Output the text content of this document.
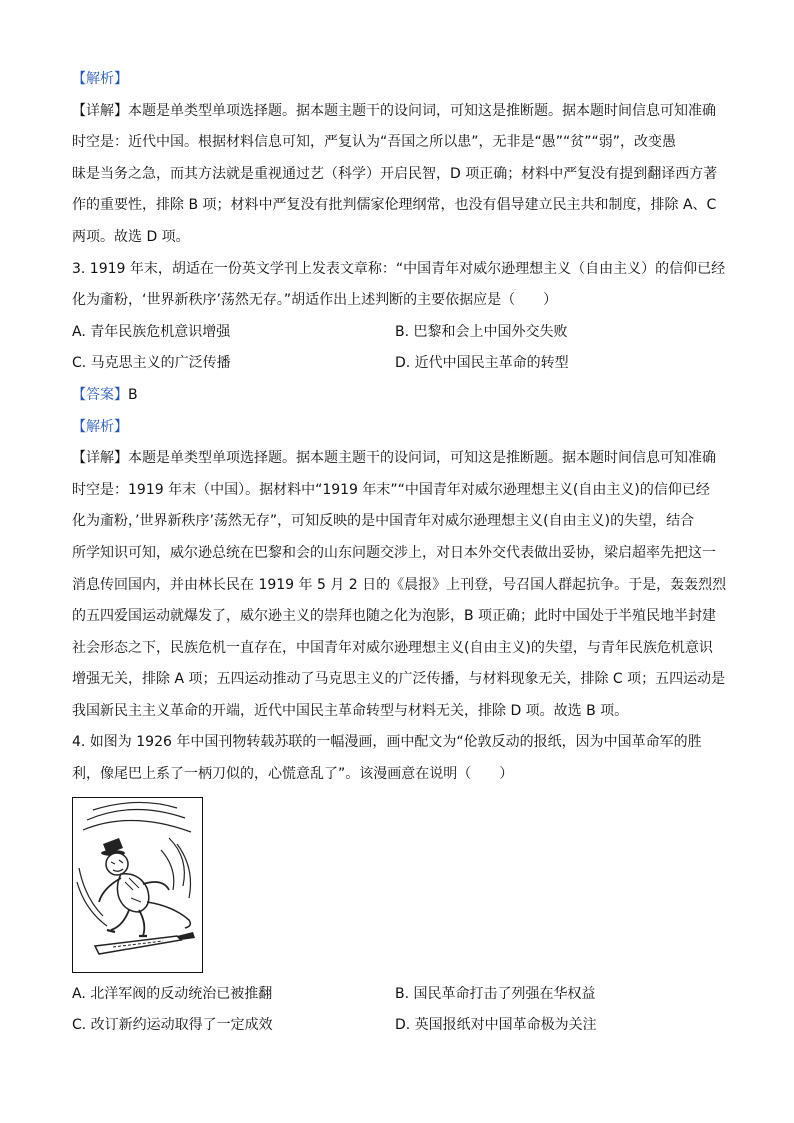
【解析】
【详解】本题是单类型单项选择题。据本题主题干的设问词，可知这是推断题。据本题时间信息可知准确
时空是：近代中国。根据材料信息可知，严复认为“吾国之所以患”，无非是“愚”“贫”“弱”，改变愚
昧是当务之急，而其方法就是重视通过艺（科学）开启民智，D 项正确；材料中严复没有提到翻译西方著
作的重要性，排除 B 项；材料中严复没有批判儒家伦理纲常，也没有倡导建立民主共和制度，排除 A、C
两项。故选 D 项。
3. 1919 年末，胡适在一份英文学刊上发表文章称：“中国青年对威尔逊理想主义（自由主义）的信仰已经
化为齑粉，‘世界新秩序’荡然无存。”胡适作出上述判断的主要依据应是（　　）
A. 青年民族危机意识增强	B. 巴黎和会上中国外交失败
C. 马克思主义的广泛传播	D. 近代中国民主革命的转型
【答案】B
【解析】
【详解】本题是单类型单项选择题。据本题主题干的设问词，可知这是推断题。据本题时间信息可知准确
时空是：1919 年末（中国）。据材料中“1919 年末”“中国青年对威尔逊理想主义(自由主义)的信仰已经
化为齑粉，’世界新秩序’荡然无存”，可知反映的是中国青年对威尔逊理想主义(自由主义)的失望，结合
所学知识可知，威尔逊总统在巴黎和会的山东问题交涉上，对日本外交代表做出妥协，梁启超率先把这一
消息传回国内，并由林长民在 1919 年 5 月 2 日的《晨报》上刊登，号召国人群起抗争。于是，轰轰烈烈
的五四爱国运动就爆发了，威尔逊主义的崇拜也随之化为泡影，B 项正确；此时中国处于半殖民地半封建
社会形态之下，民族危机一直存在，中国青年对威尔逊理想主义(自由主义)的失望，与青年民族危机意识
增强无关，排除 A 项；五四运动推动了马克思主义的广泛传播，与材料现象无关，排除 C 项；五四运动是
我国新民主主义革命的开端，近代中国民主革命转型与材料无关，排除 D 项。故选 B 项。
4. 如图为 1926 年中国刊物转载苏联的一幅漫画，画中配文为“伦敦反动的报纸，因为中国革命军的胜
利，像尾巴上系了一柄刀似的，心慌意乱了”。该漫画意在说明（　　）
A. 北洋军阀的反动统治已被推翻	B. 国民革命打击了列强在华权益
C. 改订新约运动取得了一定成效	D. 英国报纸对中国革命极为关注
